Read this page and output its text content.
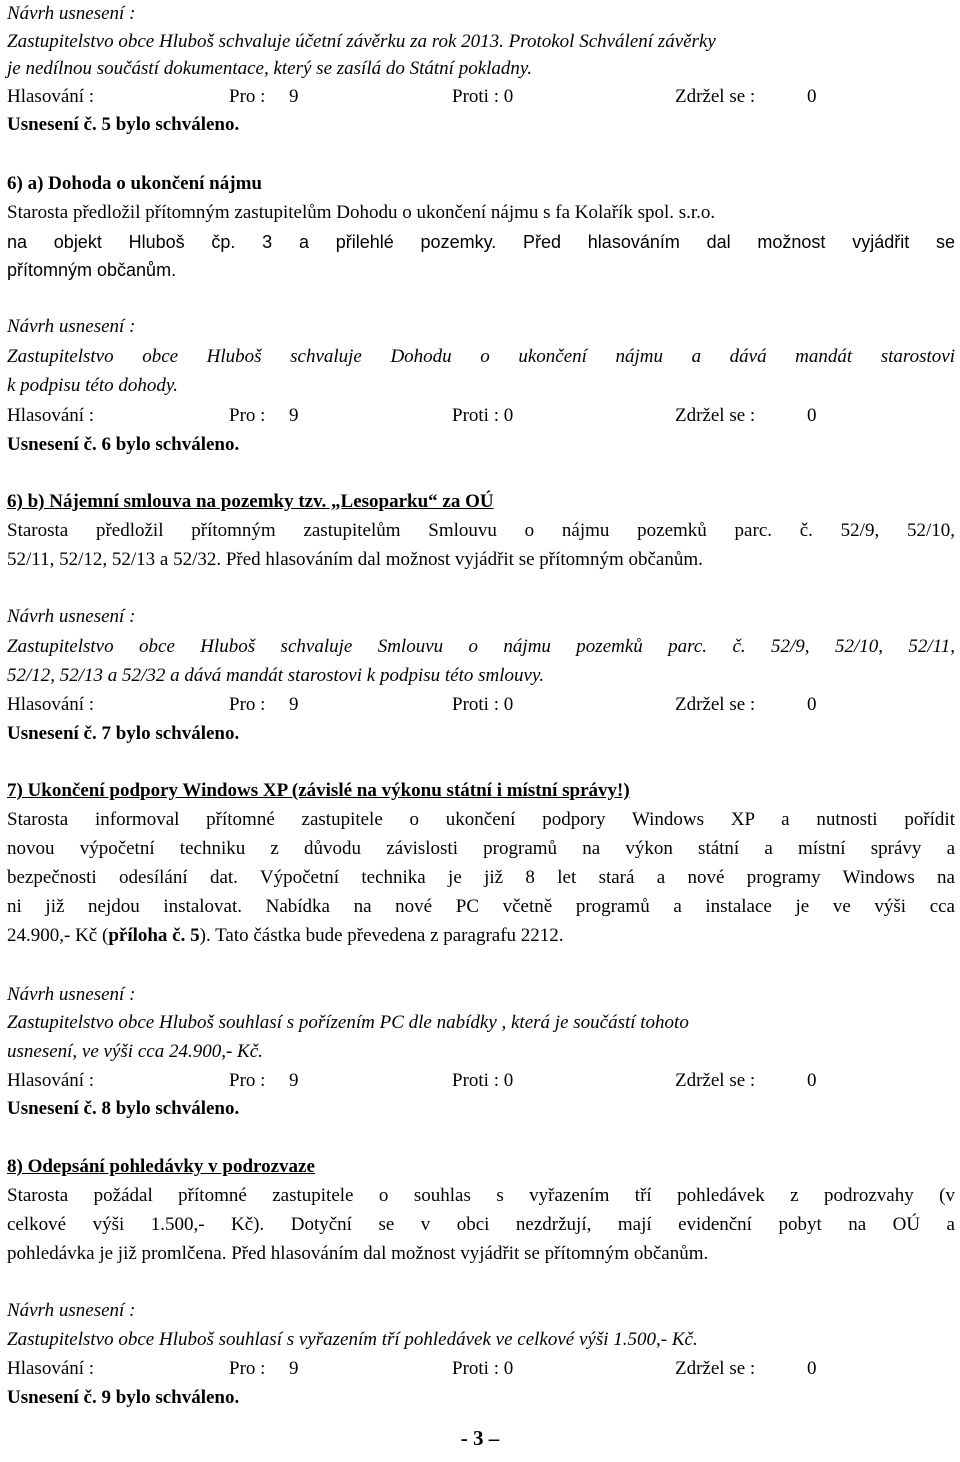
Návrh usnesení :
Zastupitelstvo obce Hluboš schvaluje účetní závěrku za rok 2013. Protokol Schválení závěrky
je nedílnou součástí dokumentace, který se zasílá do Státní pokladny.
Hlasování :	Pro : 9	Proti : 0	Zdržel se :	0
Usnesení č. 5 bylo schváleno.
6) a) Dohoda o ukončení nájmu
Starosta předložil přítomným zastupitelům Dohodu o ukončení nájmu s fa Kolařík spol. s.r.o.
na objekt Hluboš čp. 3 a přilehlé pozemky. Před hlasováním dal možnost vyjádřit se
přítomným občanům.
Návrh usnesení :
Zastupitelstvo obce Hluboš schvaluje Dohodu o ukončení nájmu a dává mandát starostovi
k podpisu této dohody.
Hlasování :	Pro : 9	Proti : 0	Zdržel se :	0
Usnesení č. 6 bylo schváleno.
6) b) Nájemní smlouva na pozemky tzv. „Lesoparku“ za OÚ
Starosta předložil přítomným zastupitelům Smlouvu o nájmu pozemků parc. č. 52/9, 52/10,
52/11, 52/12, 52/13 a 52/32. Před hlasováním dal možnost vyjádřit se přítomným občanům.
Návrh usnesení :
Zastupitelstvo obce Hluboš schvaluje Smlouvu o nájmu pozemků parc. č. 52/9, 52/10, 52/11,
52/12, 52/13 a 52/32 a dává mandát starostovi k podpisu této smlouvy.
Hlasování :	Pro : 9	Proti : 0	Zdržel se :	0
Usnesení č. 7 bylo schváleno.
7) Ukončení podpory Windows XP (závislé na výkonu státní i místní správy!)
Starosta informoval přítomné zastupitele o ukončení podpory Windows XP a nutnosti pořídit
novou výpočetní techniku z důvodu závislosti programů na výkon státní a místní správy a
bezpečnosti odesílání dat. Výpočetní technika je již 8 let stará a nové programy Windows na
ni již nejdou instalovat. Nabídka na nové PC včetně programů a instalace je ve výši cca
24.900,- Kč (příloha č. 5). Tato částka bude převedena z paragrafu 2212.
Návrh usnesení :
Zastupitelstvo obce Hluboš souhlasí s pořízením PC dle nabídky , která je součástí tohoto
usnesení, ve výši cca 24.900,- Kč.
Hlasování :	Pro : 9	Proti : 0	Zdržel se :	0
Usnesení č. 8 bylo schváleno.
8) Odepsání pohledávky v podrozvaze
Starosta požádal přítomné zastupitele o souhlas s vyřazením tří pohledávek z podrozvahy (v
celkové výši 1.500,- Kč). Dotyční se v obci nezdržují, mají evidenční pobyt na OÚ a
pohledávka je již promlčena. Před hlasováním dal možnost vyjádřit se přítomným občanům.
Návrh usnesení :
Zastupitelstvo obce Hluboš souhlasí s vyřazením tří pohledávek ve celkové výši 1.500,- Kč.
Hlasování :	Pro : 9	Proti : 0	Zdržel se :	0
Usnesení č. 9 bylo schváleno.
- 3 –
